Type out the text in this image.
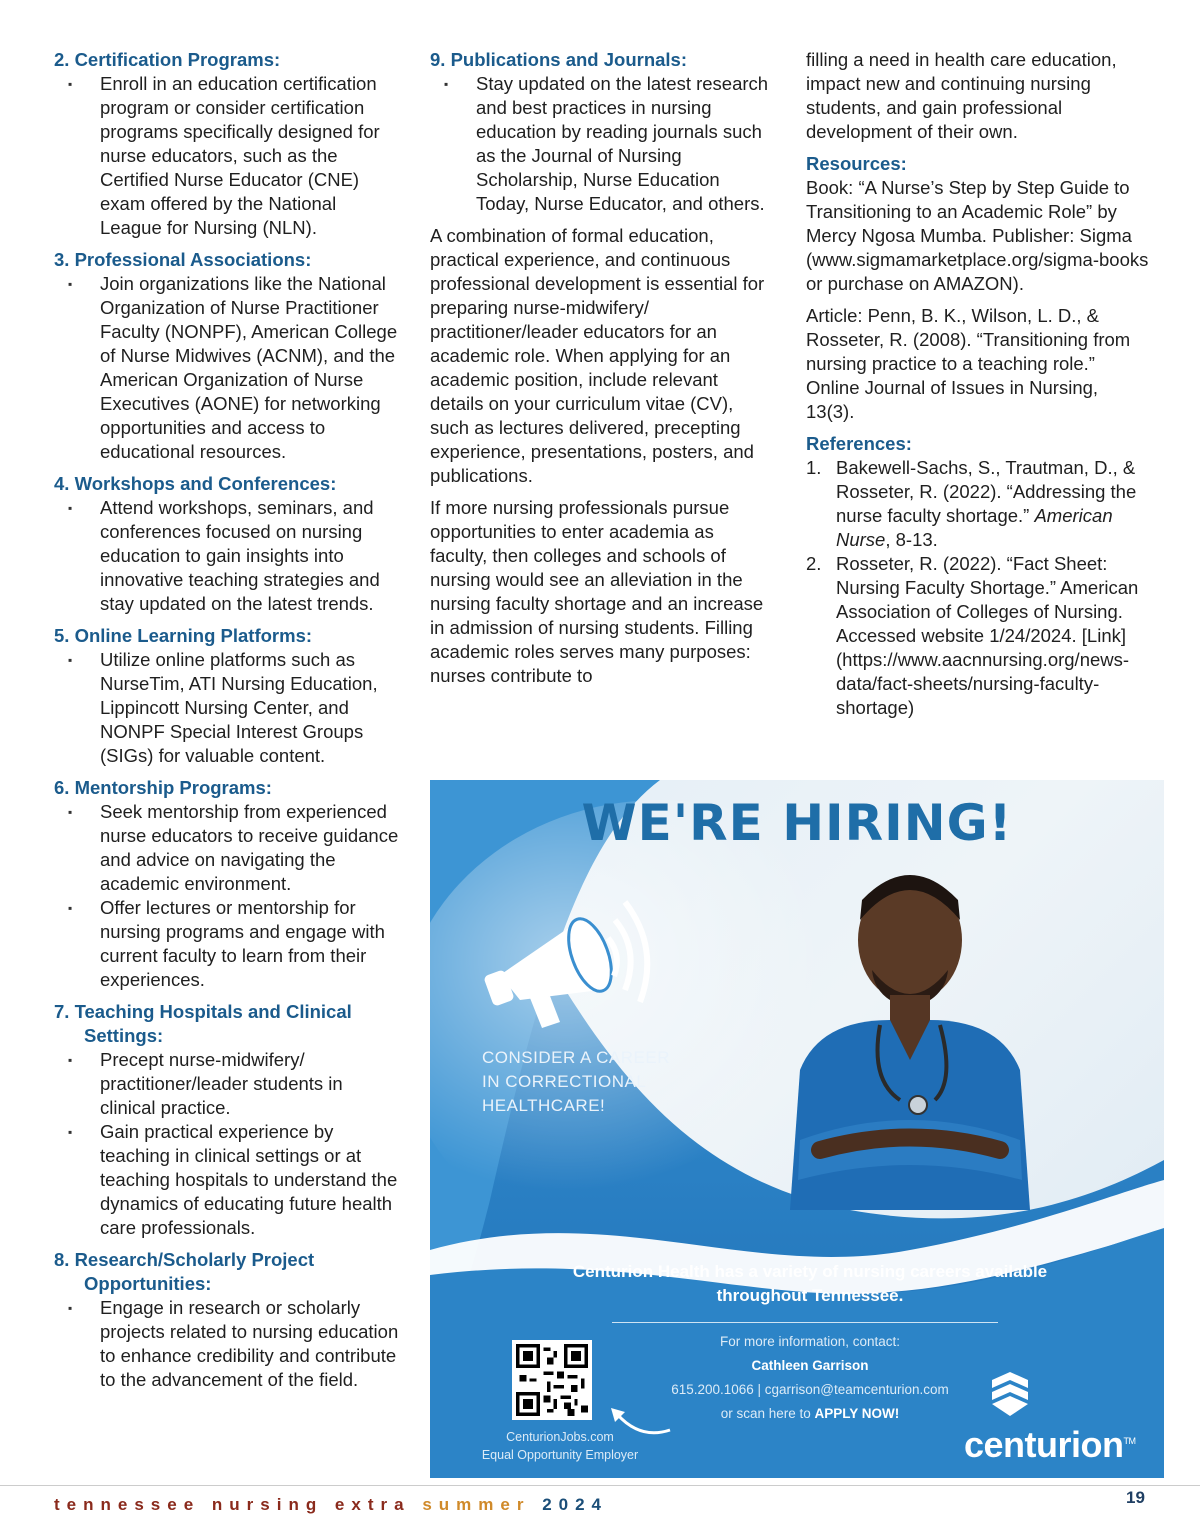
2. Certification Programs:
▪ Enroll in an education certification program or consider certification programs specifically designed for nurse educators, such as the Certified Nurse Educator (CNE) exam offered by the National League for Nursing (NLN).
3. Professional Associations:
▪ Join organizations like the National Organization of Nurse Practitioner Faculty (NONPF), American College of Nurse Midwives (ACNM), and the American Organization of Nurse Executives (AONE) for networking opportunities and access to educational resources.
4. Workshops and Conferences:
▪ Attend workshops, seminars, and conferences focused on nursing education to gain insights into innovative teaching strategies and stay updated on the latest trends.
5. Online Learning Platforms:
▪ Utilize online platforms such as NurseTim, ATI Nursing Education, Lippincott Nursing Center, and NONPF Special Interest Groups (SIGs) for valuable content.
6. Mentorship Programs:
▪ Seek mentorship from experienced nurse educators to receive guidance and advice on navigating the academic environment.
▪ Offer lectures or mentorship for nursing programs and engage with current faculty to learn from their experiences.
7. Teaching Hospitals and Clinical
Settings:
▪ Precept nurse-midwifery/ practitioner/leader students in clinical practice.
▪ Gain practical experience by teaching in clinical settings or at teaching hospitals to understand the dynamics of educating future health care professionals.
8. Research/Scholarly Project
Opportunities:
▪ Engage in research or scholarly projects related to nursing education to enhance credibility and contribute to the advancement of the field.
9. Publications and Journals:
▪ Stay updated on the latest research and best practices in nursing education by reading journals such as the Journal of Nursing Scholarship, Nurse Education Today, Nurse Educator, and others.

A combination of formal education, practical experience, and continuous professional development is essential for preparing nurse-midwifery/ practitioner/leader educators for an academic role. When applying for an academic position, include relevant details on your curriculum vitae (CV), such as lectures delivered, precepting experience, presentations, posters, and publications.

If more nursing professionals pursue opportunities to enter academia as faculty, then colleges and schools of nursing would see an alleviation in the nursing faculty shortage and an increase in admission of nursing students. Filling academic roles serves many purposes: nurses contribute to

filling a need in health care education, impact new and continuing nursing students, and gain professional development of their own.

Resources:

Book: “A Nurse’s Step by Step Guide to Transitioning to an Academic Role” by Mercy Ngosa Mumba. Publisher: Sigma (www.sigmamarketplace.org/sigma-books or purchase on AMAZON).

Article: Penn, B. K., Wilson, L. D., & Rosseter, R. (2008). “Transitioning from nursing practice to a teaching role.” Online Journal of Issues in Nursing, 13(3).

References:
1. Bakewell-Sachs, S., Trautman, D., & Rosseter, R. (2022). “Addressing the nurse faculty shortage.” American Nurse, 8-13.
2. Rosseter, R. (2022). “Fact Sheet: Nursing Faculty Shortage.” American Association of Colleges of Nursing. Accessed website 1/24/2024. [Link](https://www.aacnnursing.org/news-data/fact-sheets/nursing-faculty-shortage)
WE'RE HIRING!
CONSIDER A CAREER
IN CORRECTIONAL
HEALTHCARE!
Centurion Health has a variety of nursing careers available
throughout Tennessee.
For more information, contact:
Cathleen Garrison
615.200.1066 | cgarrison@teamcenturion.com
or scan here to APPLY NOW!
CenturionJobs.com
Equal Opportunity Employer	centurion™
tennessee nursing extra summer 2024	19
